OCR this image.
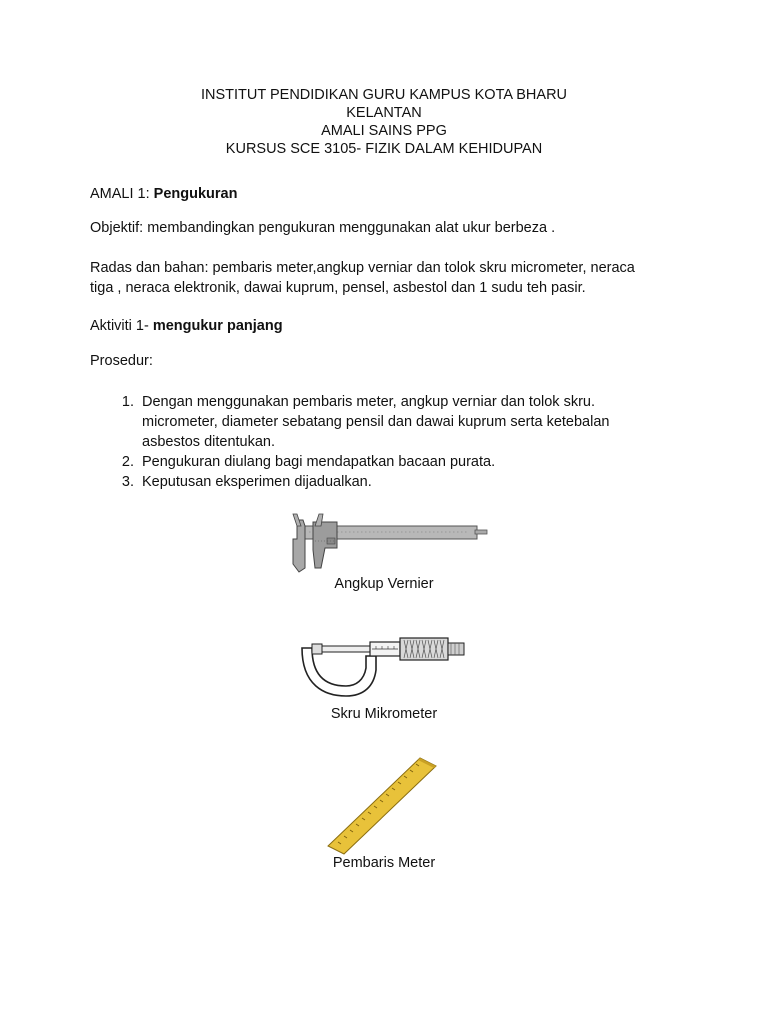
INSTITUT PENDIDIKAN GURU KAMPUS KOTA BHARU
KELANTAN
AMALI SAINS PPG
KURSUS SCE 3105- FIZIK DALAM KEHIDUPAN
AMALI 1: Pengukuran
Objektif: membandingkan pengukuran menggunakan alat ukur berbeza .
Radas dan bahan: pembaris meter,angkup verniar dan tolok skru micrometer, neraca
tiga , neraca elektronik, dawai kuprum, pensel, asbestol dan 1 sudu teh pasir.
Aktiviti 1- mengukur panjang
Prosedur:
1. Dengan menggunakan pembaris meter, angkup verniar dan tolok skru.
micrometer, diameter sebatang pensil dan dawai kuprum serta ketebalan
asbestos ditentukan.
2. Pengukuran diulang bagi mendapatkan bacaan purata.
3. Keputusan eksperimen dijadualkan.
Angkup Vernier
Skru Mikrometer
Pembaris Meter
